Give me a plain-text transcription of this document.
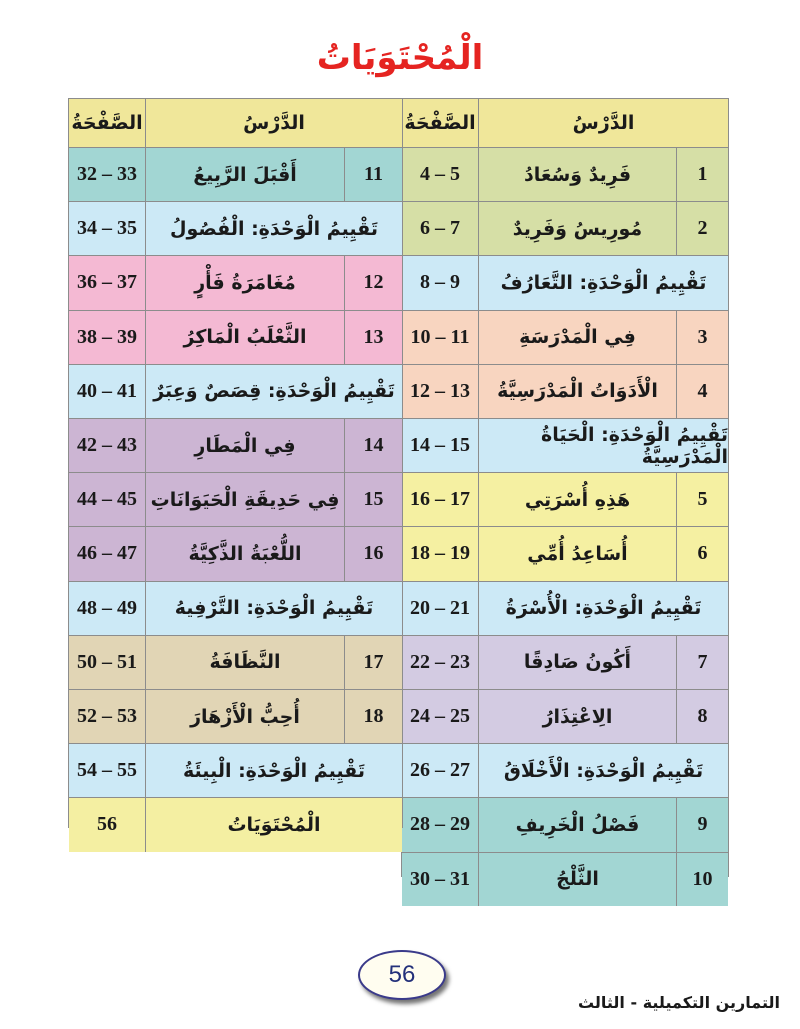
الْمُحْتَوَيَاتُ
الصَّفْحَةُ	الدَّرْسُ
4 – 5	فَرِيدٌ وَسُعَادُ	1
6 – 7	مُورِيسُ وَفَرِيدٌ	2
8 – 9 تَقْيِيمُ الْوَحْدَةِ: التَّعَارُفُ
10 – 11	فِي الْمَدْرَسَةِ	3
12 – 13 الْأَدَوَاتُ الْمَدْرَسِيَّةُ 4
14 – 15	تَقْيِيمُ الْوَحْدَةِ: الْحَيَاةُ الْمَدْرَسِيَّةُ
16 – 17	هَذِهِ أُسْرَتِي	5
18 – 19	أُسَاعِدُ أُمِّي	6
20 – 21 تَقْيِيمُ الْوَحْدَةِ: الْأُسْرَةُ
22 – 23	أَكُونُ صَادِقًا	7
24 – 25	الِاعْتِذَارُ	8
26 – 27 تَقْيِيمُ الْوَحْدَةِ: الْأَخْلَاقُ
28 – 29 فَصْلُ الْخَرِيفِ	9
30 – 31	الثَّلْجُ	10
الصَّفْحَةُ	الدَّرْسُ
32 – 33	أَقْبَلَ الرَّبِيعُ	11
34 – 35 تَقْيِيمُ الْوَحْدَةِ: الْفُصُولُ
36 – 37	مُغَامَرَةُ فَأْرٍ	12
38 – 39 الثَّعْلَبُ الْمَاكِرُ	13
40 – 41 تَقْيِيمُ الْوَحْدَةِ: قِصَصٌ وَعِبَرٌ
42 – 43	فِي الْمَطَارِ	14
44 – 45 فِي حَدِيقَةِ الْحَيَوَانَاتِ 15
46 – 47	اللُّعْبَةُ الذَّكِيَّةُ	16
48 – 49 تَقْيِيمُ الْوَحْدَةِ: التَّرْفِيهُ
50 – 51	النَّظَافَةُ	17
52 – 53	أُحِبُّ الْأَزْهَارَ	18
54 – 55 تَقْيِيمُ الْوَحْدَةِ: الْبِيئَةُ
56	الْمُحْتَوَيَاتُ
56
التمارين التكميلية - الثالث
